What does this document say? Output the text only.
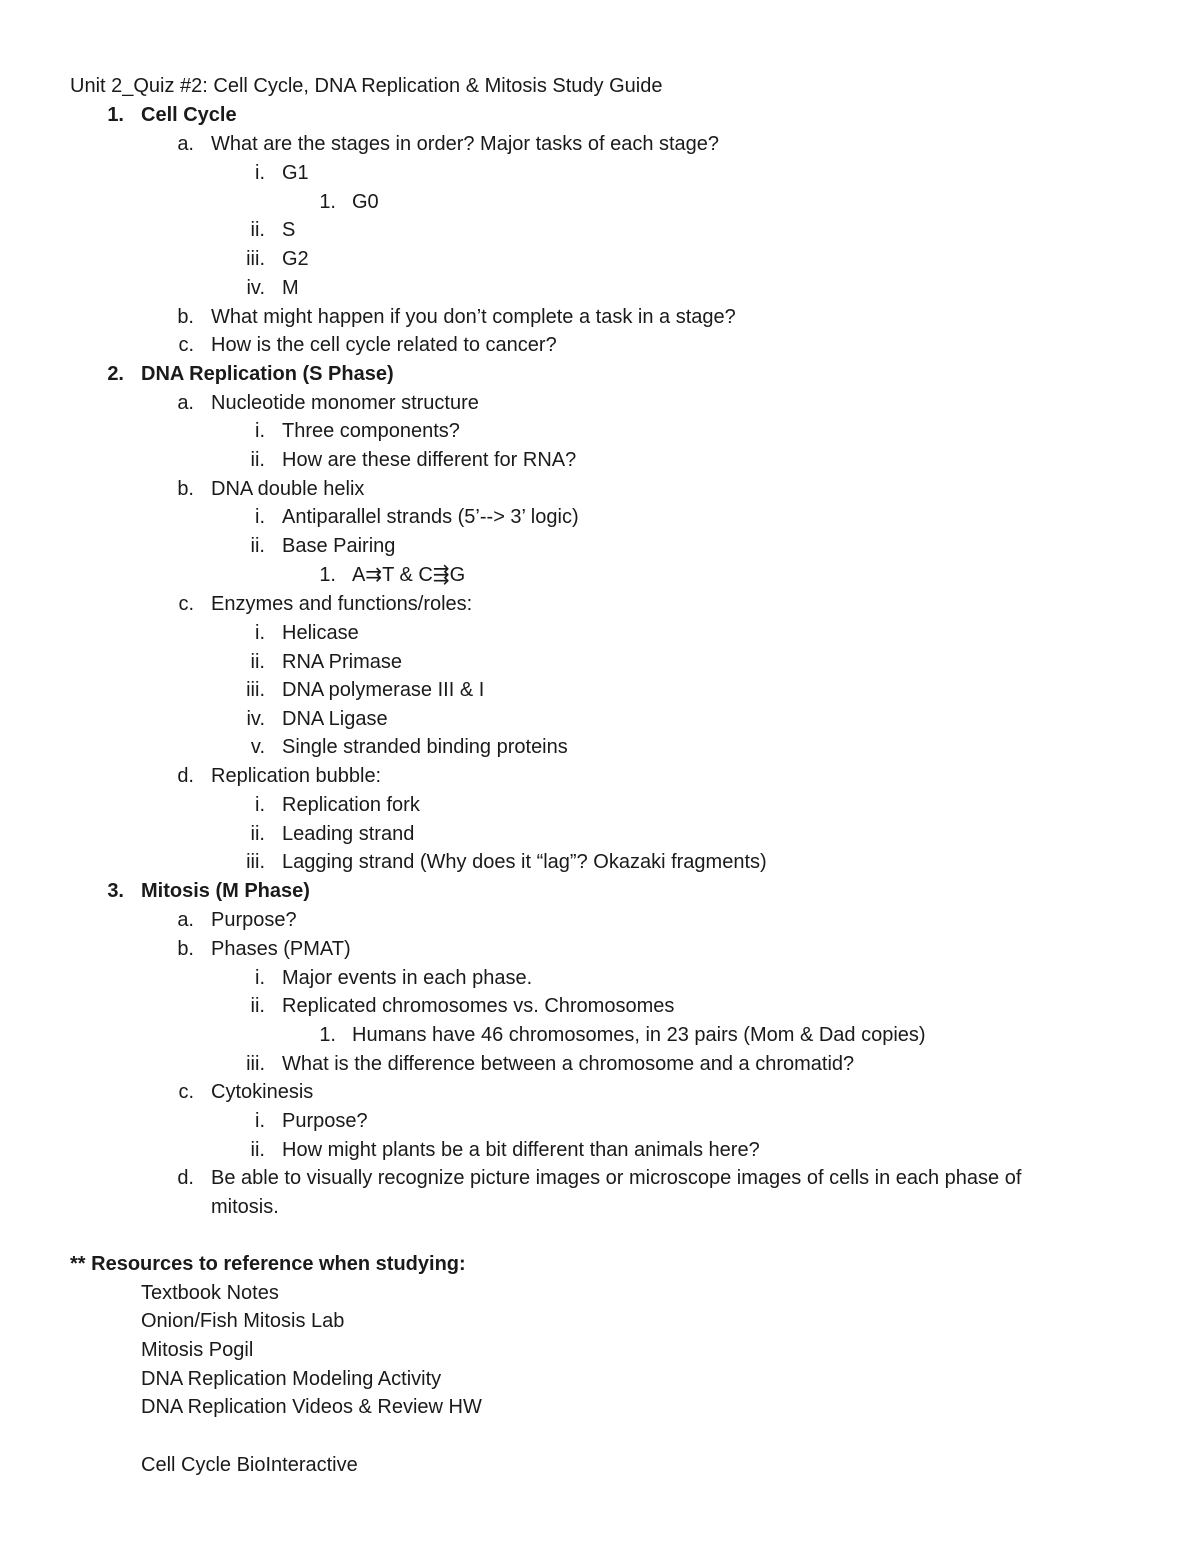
Unit 2_Quiz #2: Cell Cycle, DNA Replication & Mitosis Study Guide
1. Cell Cycle
a. What are the stages in order? Major tasks of each stage?
i. G1
1. G0
ii. S
iii. G2
iv. M
b. What might happen if you don’t complete a task in a stage?
c. How is the cell cycle related to cancer?
2. DNA Replication (S Phase)
a. Nucleotide monomer structure
i. Three components?
ii. How are these different for RNA?
b. DNA double helix
i. Antiparallel strands (5’--> 3’ logic)
ii. Base Pairing
1. A⇉T & C⇶G
c. Enzymes and functions/roles:
i. Helicase
ii. RNA Primase
iii. DNA polymerase III & I
iv. DNA Ligase
v. Single stranded binding proteins
d. Replication bubble:
i. Replication fork
ii. Leading strand
iii. Lagging strand (Why does it “lag”? Okazaki fragments)
3. Mitosis (M Phase)
a. Purpose?
b. Phases (PMAT)
i. Major events in each phase.
ii. Replicated chromosomes vs. Chromosomes
1. Humans have 46 chromosomes, in 23 pairs (Mom & Dad copies)
iii. What is the difference between a chromosome and a chromatid?
c. Cytokinesis
i. Purpose?
ii. How might plants be a bit different than animals here?
d. Be able to visually recognize picture images or microscope images of cells in each phase of
mitosis.
** Resources to reference when studying:
Textbook Notes
Onion/Fish Mitosis Lab
Mitosis Pogil
DNA Replication Modeling Activity
DNA Replication Videos & Review HW
Cell Cycle BioInteractive
